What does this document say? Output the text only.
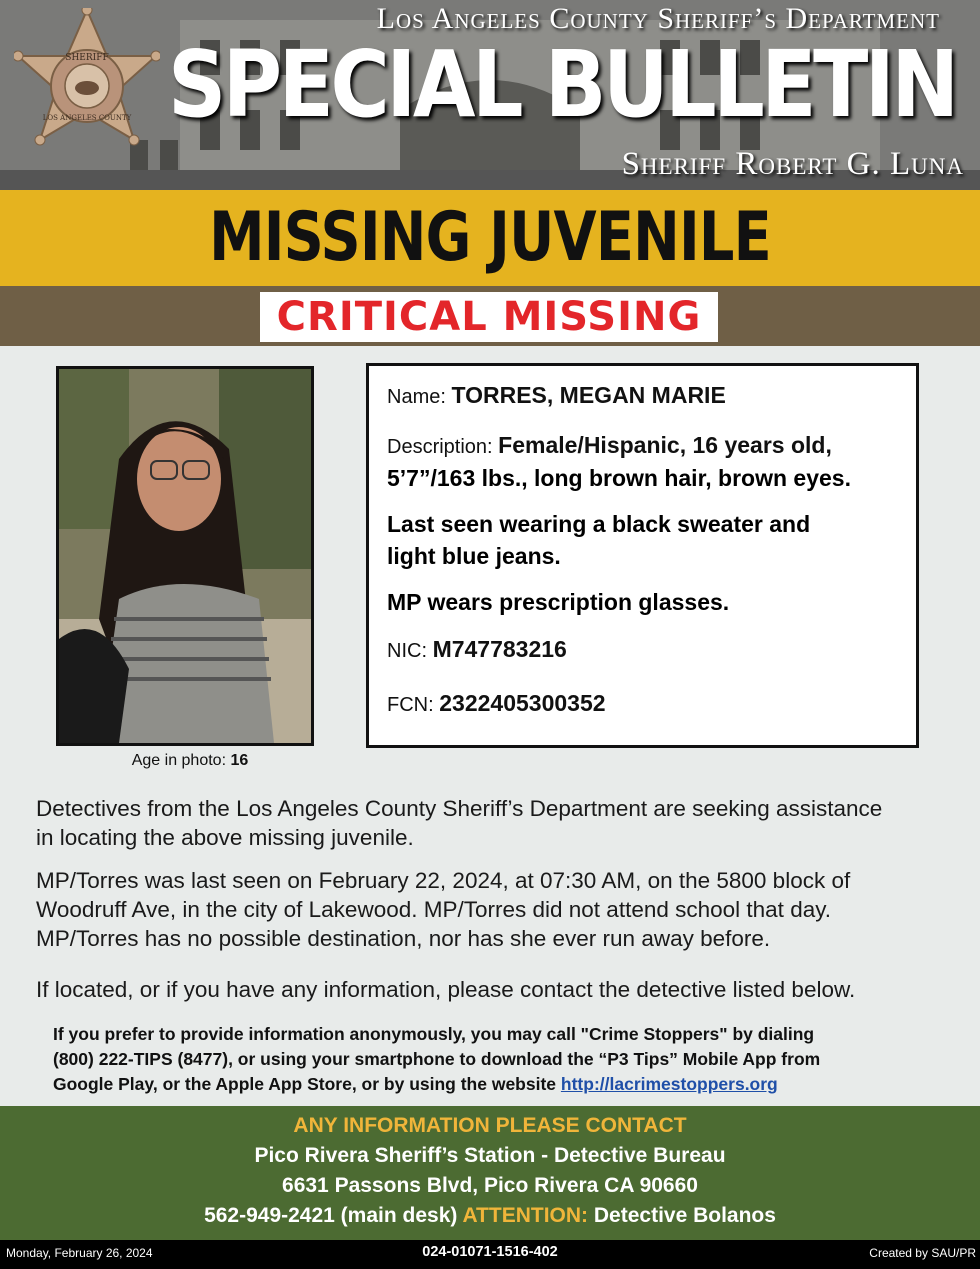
SHERIFF
LOS ANGELES COUNTY
Los Angeles County Sheriff’s Department
SPECIAL BULLETIN
Sheriff Robert G. Luna
MISSING JUVENILE
CRITICAL MISSING
Age in photo: 16
Name: TORRES, MEGAN MARIE
Description: Female/Hispanic, 16 years old,
5’7”/163 lbs., long brown hair, brown eyes.
Last seen wearing a black sweater and
light blue jeans.
MP wears prescription glasses.
NIC: M747783216
FCN: 2322405300352
Detectives from the Los Angeles County Sheriff’s Department are seeking assistance
in locating the above missing juvenile.
MP/Torres was last seen on February 22, 2024, at 07:30 AM, on the 5800 block of
Woodruff Ave, in the city of Lakewood. MP/Torres did not attend school that day.
MP/Torres has no possible destination, nor has she ever run away before.
If located, or if you have any information, please contact the detective listed below.
If you prefer to provide information anonymously, you may call "Crime Stoppers" by dialing
(800) 222-TIPS (8477), or using your smartphone to download the “P3 Tips” Mobile App from
Google Play, or the Apple App Store, or by using the website http://lacrimestoppers.org
ANY INFORMATION PLEASE CONTACT
Pico Rivera Sheriff’s Station - Detective Bureau
6631 Passons Blvd, Pico Rivera CA 90660
562-949-2421 (main desk) ATTENTION: Detective Bolanos
Monday, February 26, 2024	024-01071-1516-402	Created by SAU/PR
